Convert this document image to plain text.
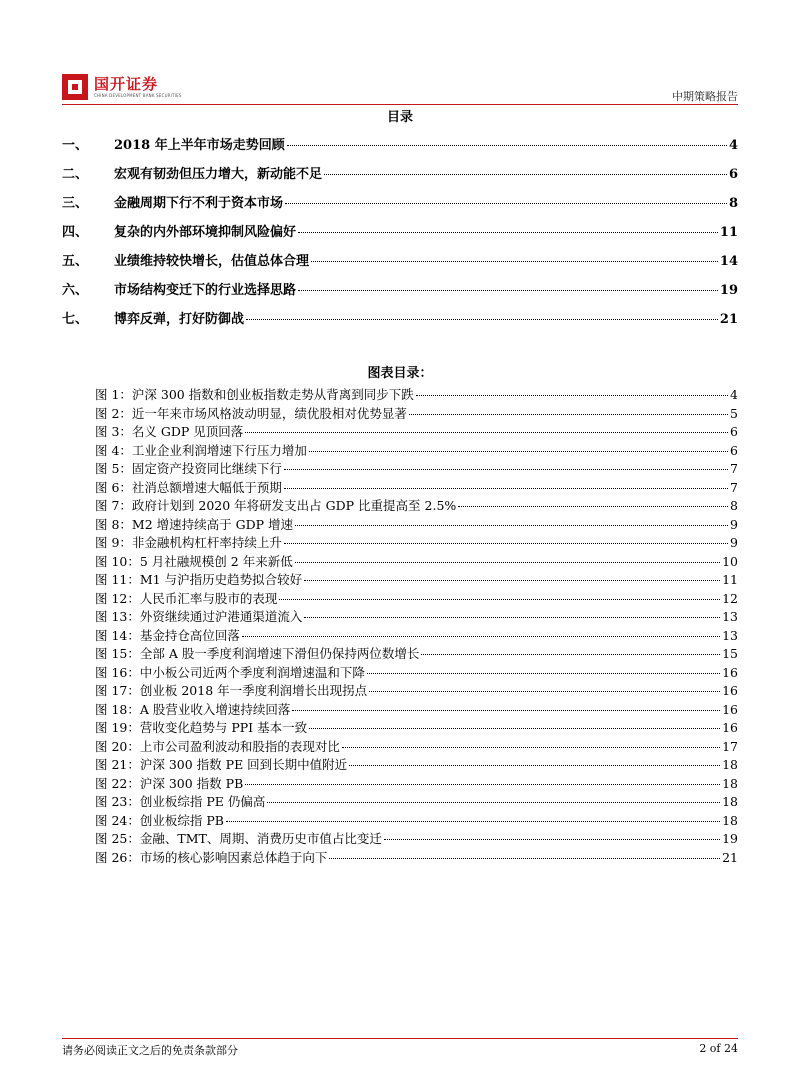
国开证券
CHINA DEVELOPMENT BANK SECURITIES	中期策略报告
目录
一、	2018 年上半年市场走势回顾	4
二、	宏观有韧劲但压力增大，新动能不足	6
三、	金融周期下行不利于资本市场	8
四、	复杂的内外部环境抑制风险偏好	11
五、	业绩维持较快增长，估值总体合理	14
六、	市场结构变迁下的行业选择思路	19
七、	博弈反弹，打好防御战	21
图表目录：
图 1：沪深 300 指数和创业板指数走势从背离到同步下跌	4
图 2：近一年来市场风格波动明显，绩优股相对优势显著	5
图 3：名义 GDP 见顶回落	6
图 4：工业企业利润增速下行压力增加	6
图 5：固定资产投资同比继续下行	7
图 6：社消总额增速大幅低于预期	7
图 7：政府计划到 2020 年将研发支出占 GDP 比重提高至 2.5%	8
图 8：M2 增速持续高于 GDP 增速	9
图 9：非金融机构杠杆率持续上升	9
图 10：5 月社融规模创 2 年来新低	10
图 11：M1 与沪指历史趋势拟合较好	11
图 12：人民币汇率与股市的表现	12
图 13：外资继续通过沪港通渠道流入	13
图 14：基金持仓高位回落	13
图 15：全部 A 股一季度利润增速下滑但仍保持两位数增长	15
图 16：中小板公司近两个季度利润增速温和下降	16
图 17：创业板 2018 年一季度利润增长出现拐点	16
图 18：A 股营业收入增速持续回落	16
图 19：营收变化趋势与 PPI 基本一致	16
图 20：上市公司盈利波动和股指的表现对比	17
图 21：沪深 300 指数 PE 回到长期中值附近	18
图 22：沪深 300 指数 PB	18
图 23：创业板综指 PE 仍偏高	18
图 24：创业板综指 PB	18
图 25：金融、TMT、周期、消费历史市值占比变迁	19
图 26：市场的核心影响因素总体趋于向下	21
请务必阅读正文之后的免责条款部分	2 of 24
